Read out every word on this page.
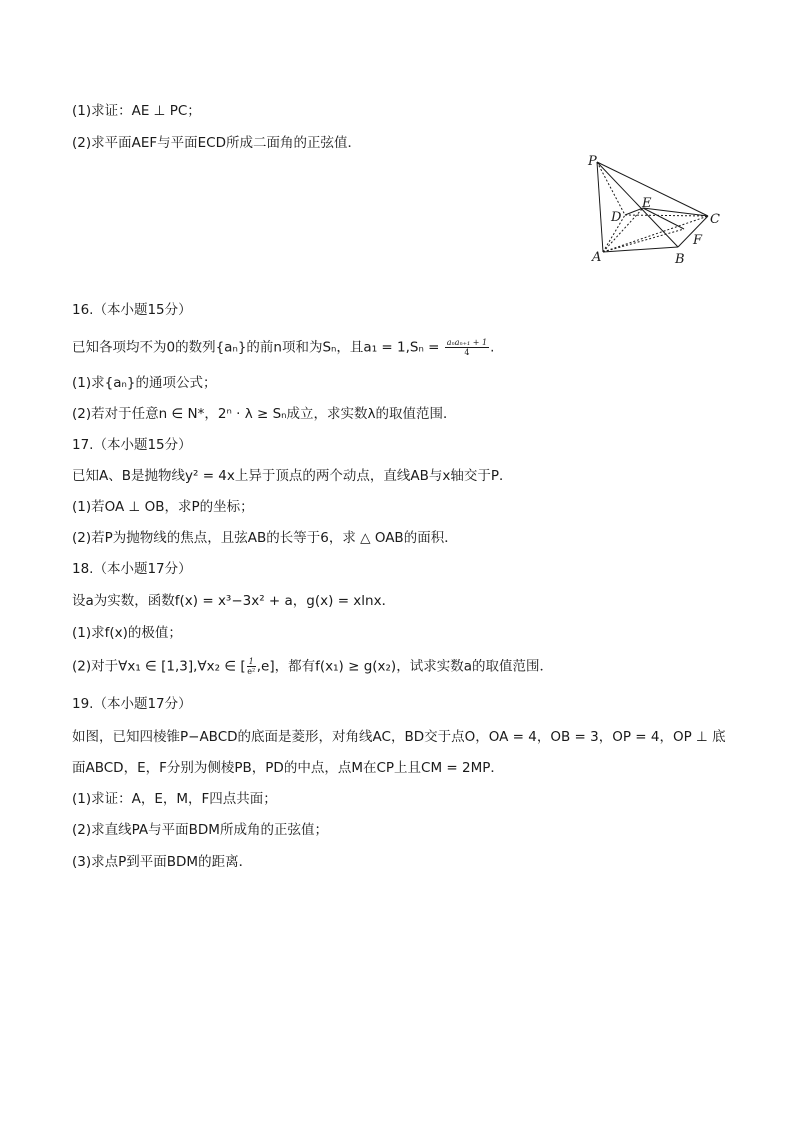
(1)求证：AE ⊥ PC；
(2)求平面AEF与平面ECD所成二面角的正弦值．
P
E
D	C
F
A	B
16.（本小题15分）
已知各项均不为0的数列{aₙ}的前n项和为Sₙ，且$a_1 = 1,S_n = \frac{\text{aₙaₙ₊₁ + 1}}{4}$ .
(1)求{aₙ}的通项公式；
(2)若对于任意n ∈ N*，2ⁿ · λ ≥ Sₙ成立，求实数λ的取值范围．
17.（本小题15分）
已知A、B是抛物线y² = 4x上异于顶点的两个动点，直线AB与x轴交于P．
(1)若OA ⊥ OB，求P的坐标；
(2)若P为抛物线的焦点，且弦AB的长等于6，求 △ OAB的面积．
18.（本小题17分）
设a为实数，函数f(x) = x³−3x² + a，g(x) = xlnx．
(1)求f(x)的极值；
(2)对于∀x₁ ∈ [1,3],∀x₂ ∈ [ $\frac{1}{\text{e²}} ,e$]，都有f(x₁) ≥ g(x₂)，试求实数a的取值范围．
19.（本小题17分）
如图，已知四棱锥P−ABCD的底面是菱形，对角线AC，BD交于点O，OA = 4，OB = 3，OP = 4，OP ⊥ 底
面ABCD，E，F分别为侧棱PB，PD的中点，点M在CP上且CM = 2MP．
(1)求证：A，E，M，F四点共面；
(2)求直线PA与平面BDM所成角的正弦值；
(3)求点P到平面BDM的距离．
